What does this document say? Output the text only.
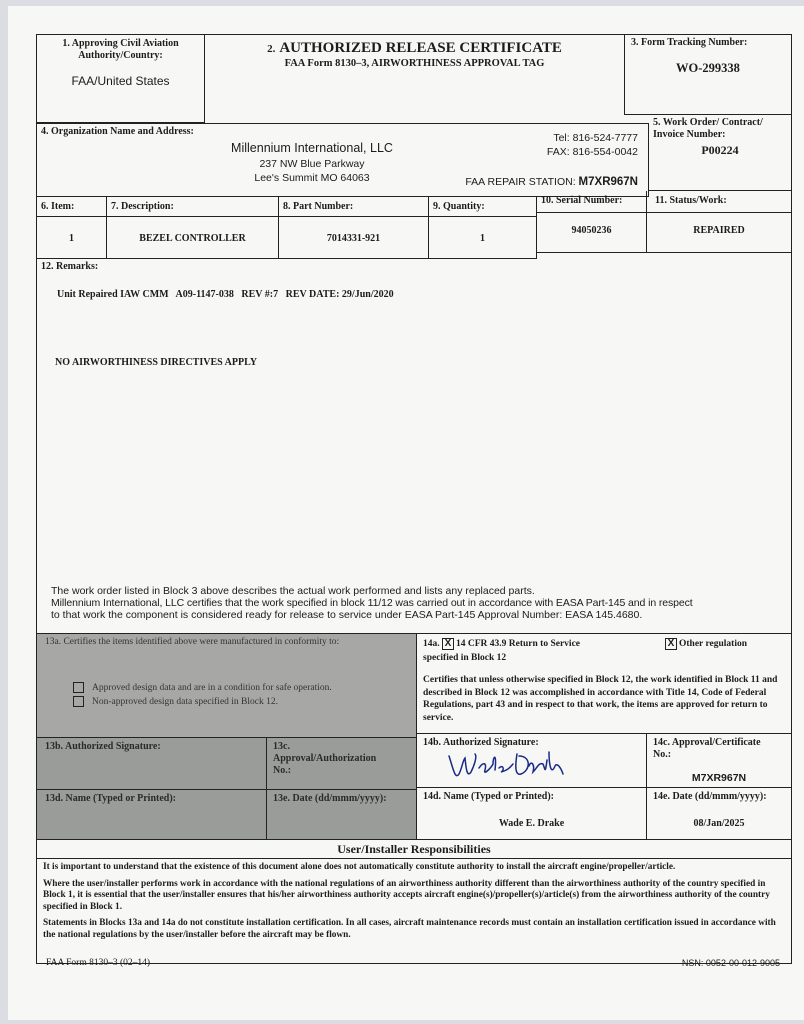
1. Approving Civil Aviation Authority/Country:
FAA/United States
2. AUTHORIZED RELEASE CERTIFICATE
FAA Form 8130–3, AIRWORTHINESS APPROVAL TAG
3. Form Tracking Number:
WO-299338
4. Organization Name and Address:
Millennium International, LLC
237 NW Blue Parkway
Lee's Summit MO 64063
Tel: 816-524-7777
FAX: 816-554-0042
FAA REPAIR STATION: M7XR967N
5. Work Order/ Contract/ Invoice Number:
P00224
6. Item:	7. Description:	8. Part Number:	9. Quantity:
10. Serial Number:	11. Status/Work:
1	BEZEL CONTROLLER	7014331-921	1
94050236	REPAIRED
12. Remarks:
Unit Repaired IAW CMM   A09-1147-038   REV #:7   REV DATE: 29/Jun/2020
NO AIRWORTHINESS DIRECTIVES APPLY
The work order listed in Block 3 above describes the actual work performed and lists any replaced parts.
Millennium International, LLC certifies that the work specified in block 11/12 was carried out in accordance with EASA Part-145 and in respect
to that work the component is considered ready for release to service under EASA Part-145 Approval Number: EASA 145.4680.
13a. Certifies the items identified above were manufactured in conformity to:
Approved design data and are in a condition for safe operation.
Non-approved design data specified in Block 12.
14a. X 14 CFR 43.9 Return to Service
specified in Block 12
X Other regulation
Certifies that unless otherwise specified in Block 12, the work identified in Block 11 and described in Block 12 was accomplished in accordance with Title 14, Code of Federal Regulations, part 43 and in respect to that work, the items are approved for return to service.
13b. Authorized Signature:	13c. Approval/Authorization No.:
14b. Authorized Signature:	14c. Approval/Certificate No.:
M7XR967N
13d. Name (Typed or Printed):	13e. Date (dd/mmm/yyyy):	14d. Name (Typed or Printed):
Wade E. Drake
14e. Date (dd/mmm/yyyy):
08/Jan/2025
User/Installer Responsibilities
It is important to understand that the existence of this document alone does not automatically constitute authority to install the aircraft engine/propeller/article.
Where the user/installer performs work in accordance with the national regulations of an airworthiness authority different than the airworthiness authority of the country specified in Block 1, it is essential that the user/installer ensures that his/her airworthiness authority accepts aircraft engine(s)/propeller(s)/article(s) from the airworthiness authority of the country specified in Block 1.
Statements in Blocks 13a and 14a do not constitute installation certification. In all cases, aircraft maintenance records must contain an installation certification issued in accordance with the national regulations by the user/installer before the aircraft may be flown.
FAA Form 8130–3 (02–14)	NSN: 0052-00-012-9005
